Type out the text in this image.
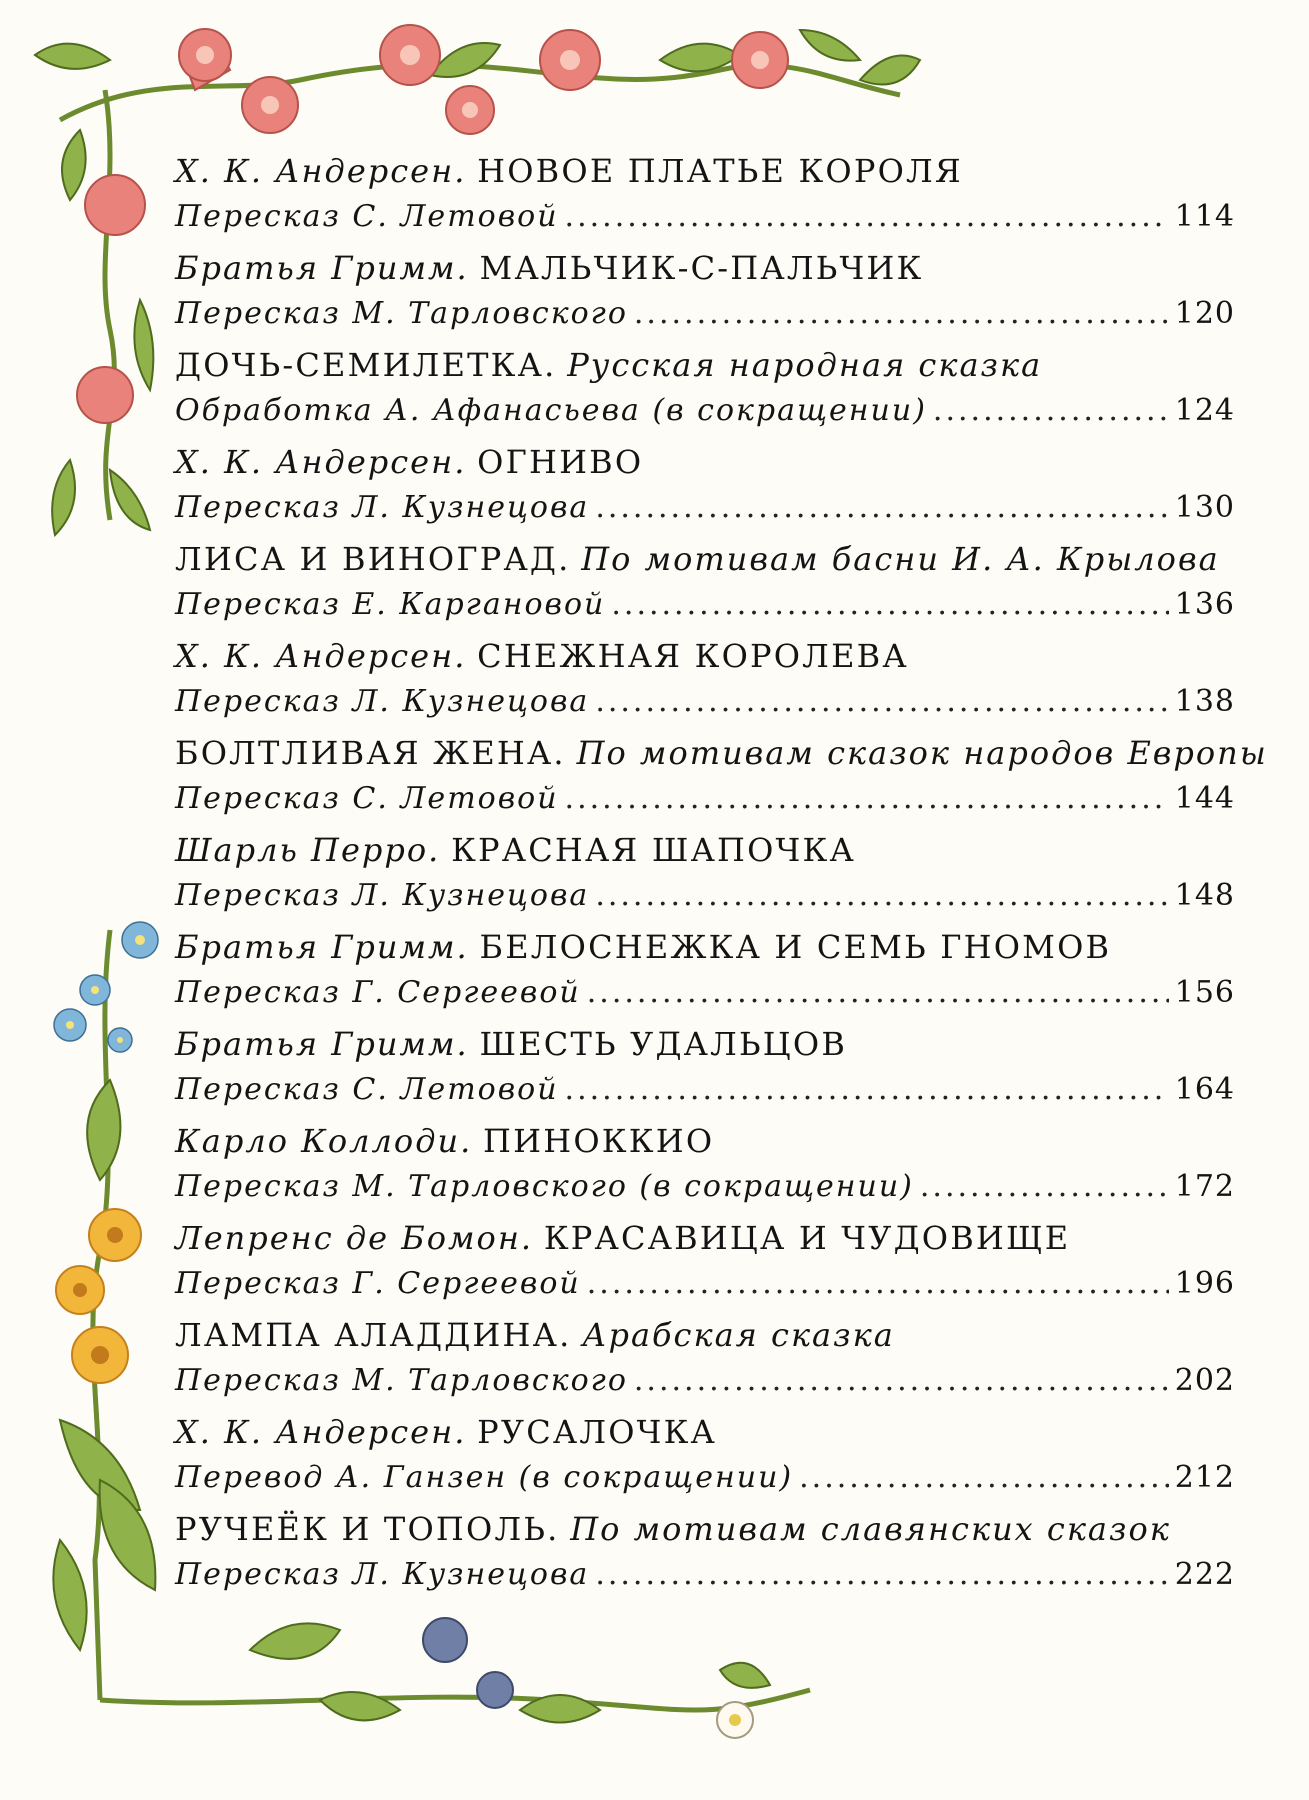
Х. К. Андерсен. НОВОЕ ПЛАТЬЕ КОРОЛЯ
Пересказ С. Летовой .....	114
Братья Гримм. МАЛЬЧИК-С-ПАЛЬЧИК
Пересказ М. Тарловского .....	120
ДОЧЬ-СЕМИЛЕТКА. Русская народная сказка
Обработка А. Афанасьева (в сокращении) .....	124
Х. К. Андерсен. ОГНИВО
Пересказ Л. Кузнецова .....	130
ЛИСА И ВИНОГРАД. По мотивам басни И. А. Крылова
Пересказ Е. Каргановой .....	136
Х. К. Андерсен. СНЕЖНАЯ КОРОЛЕВА
Пересказ Л. Кузнецова .....	138
БОЛТЛИВАЯ ЖЕНА. По мотивам сказок народов Европы
Пересказ С. Летовой .....	144
Шарль Перро. КРАСНАЯ ШАПОЧКА
Пересказ Л. Кузнецова .....	148
Братья Гримм. БЕЛОСНЕЖКА И СЕМЬ ГНОМОВ
Пересказ Г. Сергеевой .....	156
Братья Гримм. ШЕСТЬ УДАЛЬЦОВ
Пересказ С. Летовой .....	164
Карло Коллоди. ПИНОККИО
Пересказ М. Тарловского (в сокращении) .....	172
Лепренс де Бомон. КРАСАВИЦА И ЧУДОВИЩЕ
Пересказ Г. Сергеевой .....	196
ЛАМПА АЛАДДИНА. Арабская сказка
Пересказ М. Тарловского .....	202
Х. К. Андерсен. РУСАЛОЧКА
Перевод А. Ганзен (в сокращении) .....	212
РУЧЕЁК И ТОПОЛЬ. По мотивам славянских сказок
Пересказ Л. Кузнецова .....	222
